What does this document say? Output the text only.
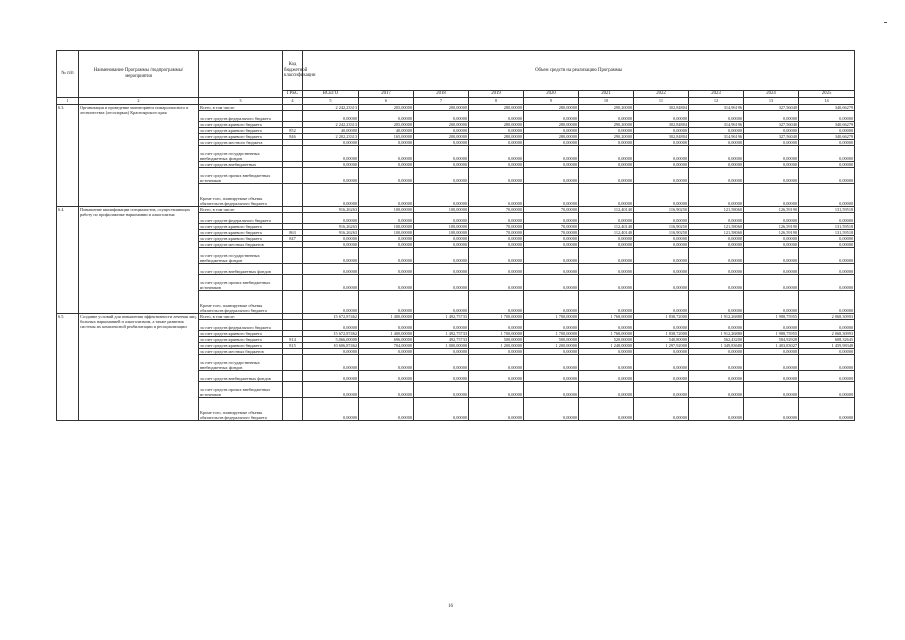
№ п/п	Наименование Программы /подпрограммы/ мероприятия		Код бюджетной классификации	Объем средств на реализацию Программы									
			ГРБС	ВСЕГО	2017	2018	2019	2020	2021	2022	2023	2024	2025
1	2	3	4	5	6	7	8	9	10	11	12	13	14
6.3.	Организация и проведение мониторинга пожароопасного в лесничествах (лесопарках) Красноярского края	Всего, в том числе:		2 242,23313	205,00000	200,00000	280,00000	280,00000	290,20000	302,84804	314,96196	327,56040	340,66279
		за счет средств федерального бюджета		0,00000	0,00000	0,00000	0,00000	0,00000	0,00000	0,00000	0,00000	0,00000	0,00000
		за счет средств краевого бюджета		2 242,23313	205,00000	200,00000	280,00000	280,00000	290,20000	302,84804	314,96196	327,56040	340,66279
		за счет средств краевого бюджета	852	40,00000	40,00000	0,00000	0,00000	0,00000	0,00000	0,00000	0,00000	0,00000	0,00000
		за счет средств краевого бюджета	846	2 202,23313	165,00000	200,00000	280,00000	280,00000	290,20000	302,84804	314,96196	327,56040	340,66279
		за счет средств местного бюджета		0,00000	0,00000	0,00000	0,00000	0,00000	0,00000	0,00000	0,00000	0,00000	0,00000
		за счет средств государственных внебюджетных фондов		0,00000	0,00000	0,00000	0,00000	0,00000	0,00000	0,00000	0,00000	0,00000	0,00000
		за счет средств внебюджетных		0,00000	0,00000	0,00000	0,00000	0,00000	0,00000	0,00000	0,00000	0,00000	0,00000
		за счет средств прочих внебюджетных источников		0,00000	0,00000	0,00000	0,00000	0,00000	0,00000	0,00000	0,00000	0,00000	0,00000
		Кроме того, планируемые объемы обязательств федерального бюджета		0,00000	0,00000	0,00000	0,00000	0,00000	0,00000	0,00000	0,00000	0,00000	0,00000
6.4.	Повышение квалификации специалистов, осуществляющих работу по профилактике наркомании и алкоголизма	Всего, в том числе:		916,26263	100,00000	100,00000	70,00000	70,00000	112,40140	116,90250	121,58060	126,59190	131,59518
		за счет средств федерального бюджета		0,00000	0,00000	0,00000	0,00000	0,00000	0,00000	0,00000	0,00000	0,00000	0,00000
		за счет средств краевого бюджета		916,26263	100,00000	100,00000	70,00000	70,00000	112,40140	116,90250	121,58060	126,59190	131,59518
		за счет средств краевого бюджета	863	916,26263	100,00000	100,00000	70,00000	70,00000	112,40140	116,90250	121,58060	126,59190	131,59518
		за счет средств краевого бюджета	847	0,00000	0,00000	0,00000	0,00000	0,00000	0,00000	0,00000	0,00000	0,00000	0,00000
		за счет средств местных бюджетов		0,00000	0,00000	0,00000	0,00000	0,00000	0,00000	0,00000	0,00000	0,00000	0,00000
		за счет средств государственных внебюджетных фондов		0,00000	0,00000	0,00000	0,00000	0,00000	0,00000	0,00000	0,00000	0,00000	0,00000
		за счет средств внебюджетных фондов		0,00000	0,00000	0,00000	0,00000	0,00000	0,00000	0,00000	0,00000	0,00000	0,00000
		за счет средств прочих внебюджетных источников		0,00000	0,00000	0,00000	0,00000	0,00000	0,00000	0,00000	0,00000	0,00000	0,00000
		Кроме того, планируемые объемы обязательств федерального бюджета		0,00000	0,00000	0,00000	0,00000	0,00000	0,00000	0,00000	0,00000	0,00000	0,00000
6.5.	Создание условий для повышения эффективности лечения лиц, больных наркоманией и алкоголизмом, а также развития системы их комплексной реабилитации и ресоциализации	Всего, в том числе:		15 672,87462	1 400,00000	1 492,75733	1 700,00000	1 700,00000	1 768,00000	1 838,72000	1 912,26880	1 988,75955	2 068,30993
		за счет средств федерального бюджета		0,00000	0,00000	0,00000	0,00000	0,00000	0,00000	0,00000	0,00000	0,00000	0,00000
		за счет средств краевого бюджета		15 672,87462	1 400,00000	1 492,75733	1 700,00000	1 700,00000	1 768,00000	1 838,72000	1 912,26880	1 988,75955	2 068,30993
		за счет средств краевого бюджета	814	5,066,00000	696,00000	492,75733	500,00000	500,00000	520,00000	540,80000	562,43200	584,92928	608,32645
		за счет средств краевого бюджета	815	10 606,87462	704,00000	1 000,00000	1 200,00000	1 200,00000	1 248,00000	1 297,92000	1 349,83680	1 403,83027	1 459,98348
		за счет средств местных бюджетов		0,00000	0,00000	0,00000	0,00000	0,00000	0,00000	0,00000	0,00000	0,00000	0,00000
		за счет средств государственных внебюджетных фондов		0,00000	0,00000	0,00000	0,00000	0,00000	0,00000	0,00000	0,00000	0,00000	0,00000
		за счет средств внебюджетных фондов		0,00000	0,00000	0,00000	0,00000	0,00000	0,00000	0,00000	0,00000	0,00000	0,00000
		за счет средств прочих внебюджетных источников		0,00000	0,00000	0,00000	0,00000	0,00000	0,00000	0,00000	0,00000	0,00000	0,00000
		Кроме того, планируемые объемы обязательств федерального бюджета		0,00000	0,00000	0,00000	0,00000	0,00000	0,00000	0,00000	0,00000	0,00000	0,00000
16
